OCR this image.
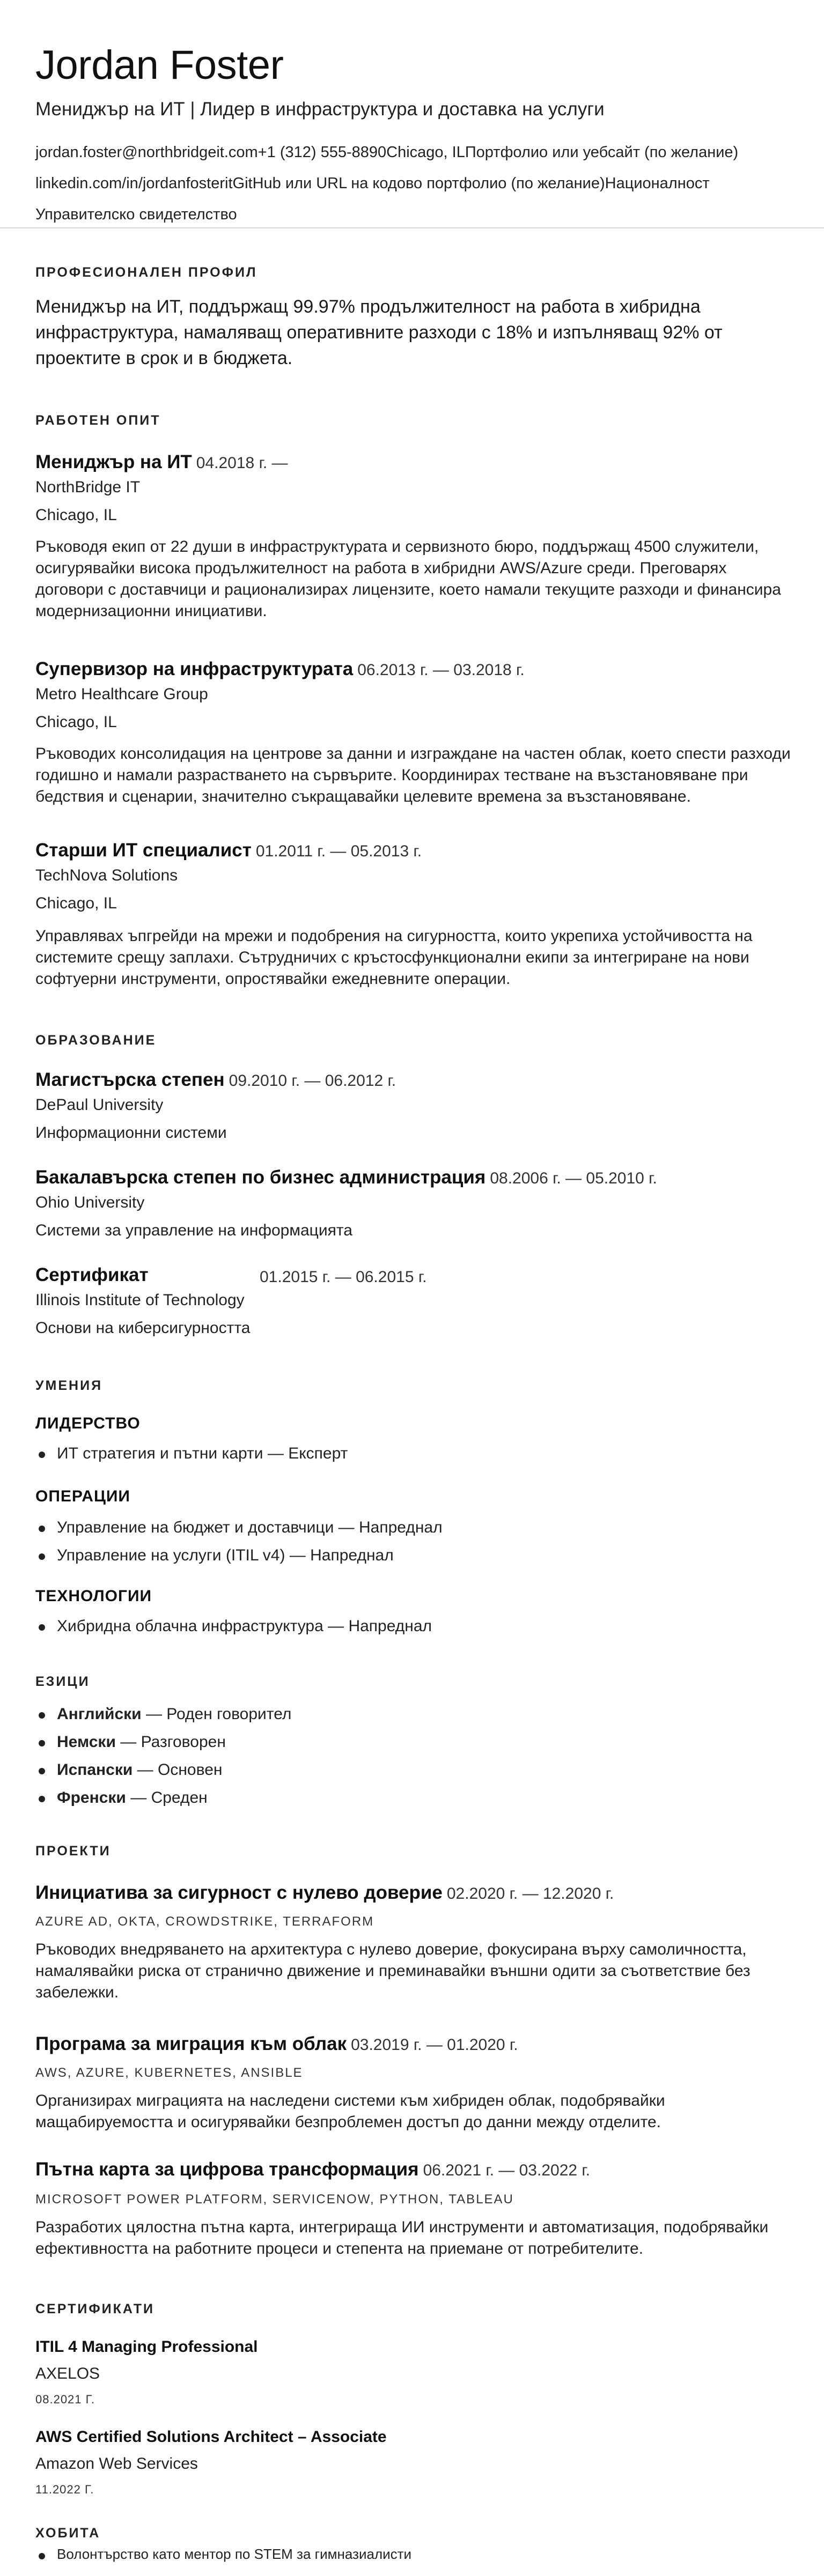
Jordan Foster
Мениджър на ИТ | Лидер в инфраструктура и доставка на услуги
jordan.foster@northbridgeit.com+1 (312) 555-8890Chicago, ILПортфолио или уебсайт (по желание)
linkedin.com/in/jordanfosteritGitHub или URL на кодово портфолио (по желание)Националност
Управителско свидетелство
ПРОФЕСИОНАЛЕН ПРОФИЛ
Мениджър на ИТ, поддържащ 99.97% продължителност на работа в хибридна инфраструктура, намаляващ оперативните разходи с 18% и изпълняващ 92% от проектите в срок и в бюджета.
РАБОТЕН ОПИТ
Мениджър на ИТ 04.2018 г. —
NorthBridge IT
Chicago, IL
Ръководя екип от 22 души в инфраструктурата и сервизното бюро, поддържащ 4500 служители, осигурявайки висока продължителност на работа в хибридни AWS/Azure среди. Преговарях договори с доставчици и рационализирах лицензите, което намали текущите разходи и финансира модернизационни инициативи.
Супервизор на инфраструктурата 06.2013 г. — 03.2018 г.
Metro Healthcare Group
Chicago, IL
Ръководих консолидация на центрове за данни и изграждане на частен облак, което спести разходи годишно и намали разрастването на сървърите. Координирах тестване на възстановяване при бедствия и сценарии, значително съкращавайки целевите времена за възстановяване.
Старши ИТ специалист 01.2011 г. — 05.2013 г.
TechNova Solutions
Chicago, IL
Управлявах ъпгрейди на мрежи и подобрения на сигурността, които укрепиха устойчивостта на системите срещу заплахи. Сътрудничих с кръстосфункционални екипи за интегриране на нови софтуерни инструменти, опростявайки ежедневните операции.
ОБРАЗОВАНИЕ
Магистърска степен 09.2010 г. — 06.2012 г.
DePaul University
Информационни системи
Бакалавърска степен по бизнес администрация 08.2006 г. — 05.2010 г.
Ohio University
Системи за управление на информацията
Сертификат	01.2015 г. — 06.2015 г.
Illinois Institute of Technology
Основи на киберсигурността
УМЕНИЯ
ЛИДЕРСТВО
ИТ стратегия и пътни карти — Експерт
ОПЕРАЦИИ
Управление на бюджет и доставчици — Напреднал
Управление на услуги (ITIL v4) — Напреднал
ТЕХНОЛОГИИ
Хибридна облачна инфраструктура — Напреднал
ЕЗИЦИ
Английски — Роден говорител
Немски — Разговорен
Испански — Основен
Френски — Среден
ПРОЕКТИ
Инициатива за сигурност с нулево доверие 02.2020 г. — 12.2020 г.
AZURE AD, OKTA, CROWDSTRIKE, TERRAFORM
Ръководих внедряването на архитектура с нулево доверие, фокусирана върху самоличността, намалявайки риска от странично движение и преминавайки външни одити за съответствие без забележки.
Програма за миграция към облак 03.2019 г. — 01.2020 г.
AWS, AZURE, KUBERNETES, ANSIBLE
Организирах миграцията на наследени системи към хибриден облак, подобрявайки мащабируемостта и осигурявайки безпроблемен достъп до данни между отделите.
Пътна карта за цифрова трансформация 06.2021 г. — 03.2022 г.
MICROSOFT POWER PLATFORM, SERVICENOW, PYTHON, TABLEAU
Разработих цялостна пътна карта, интегрираща ИИ инструменти и автоматизация, подобрявайки ефективността на работните процеси и степента на приемане от потребителите.
СЕРТИФИКАТИ
ITIL 4 Managing Professional
AXELOS
08.2021 Г.
AWS Certified Solutions Architect – Associate
Amazon Web Services
11.2022 Г.
ХОБИТА
Волонтърство като ментор по STEM за гимназиалисти
